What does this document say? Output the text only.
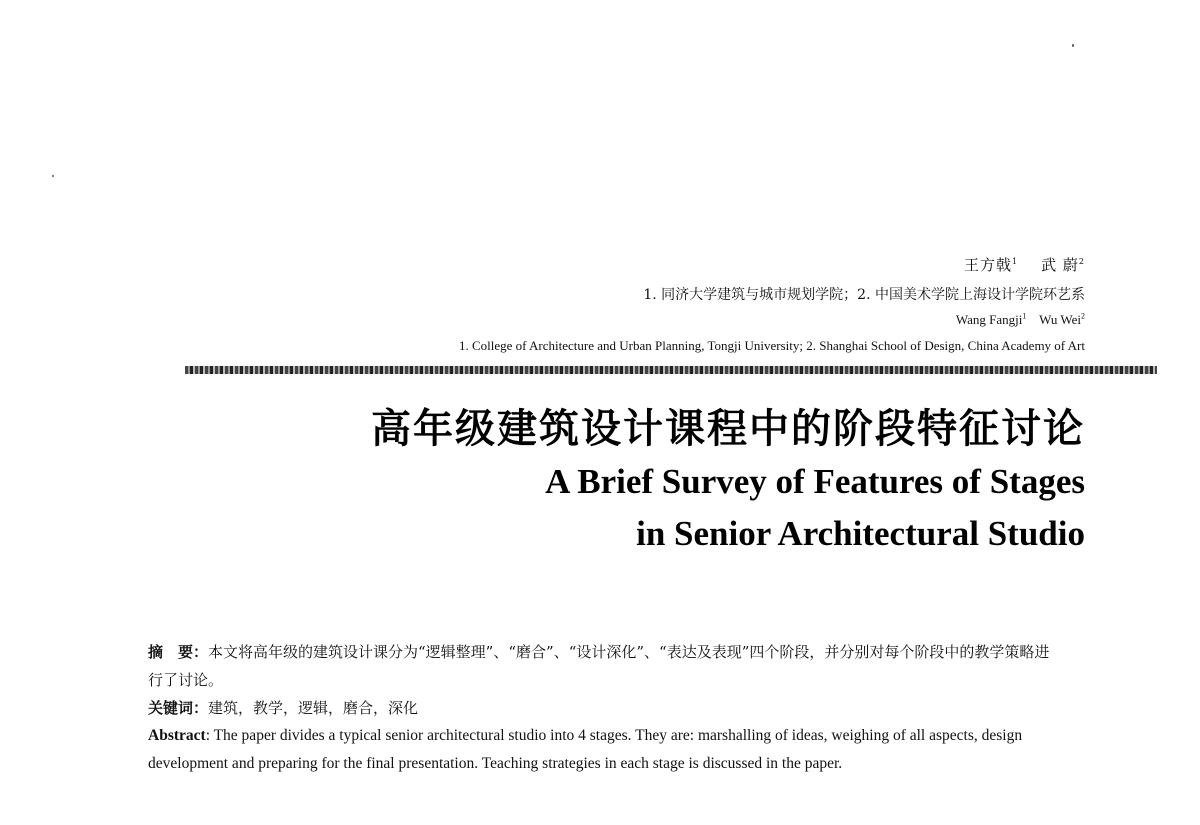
王方戟$^1$ 武 蔚$^2$
1. 同济大学建筑与城市规划学院；2. 中国美术学院上海设计学院环艺系
Wang Fangji$^1$ Wu Wei$^2$
1. College of Architecture and Urban Planning, Tongji University; 2. Shanghai School of Design, China Academy of Art
高年级建筑设计课程中的阶段特征讨论
A Brief Survey of Features of Stages
in Senior Architectural Studio
摘　要：本文将高年级的建筑设计课分为“逻辑整理”、“磨合”、“设计深化”、“表达及表现”四个阶段，并分别对每个阶段中的教学策略进行了讨论。
关键词：建筑，教学，逻辑，磨合，深化
Abstract: The paper divides a typical senior architectural studio into 4 stages. They are: marshalling of ideas, weighing of all aspects, design development and preparing for the final presentation. Teaching strategies in each stage is discussed in the paper.
